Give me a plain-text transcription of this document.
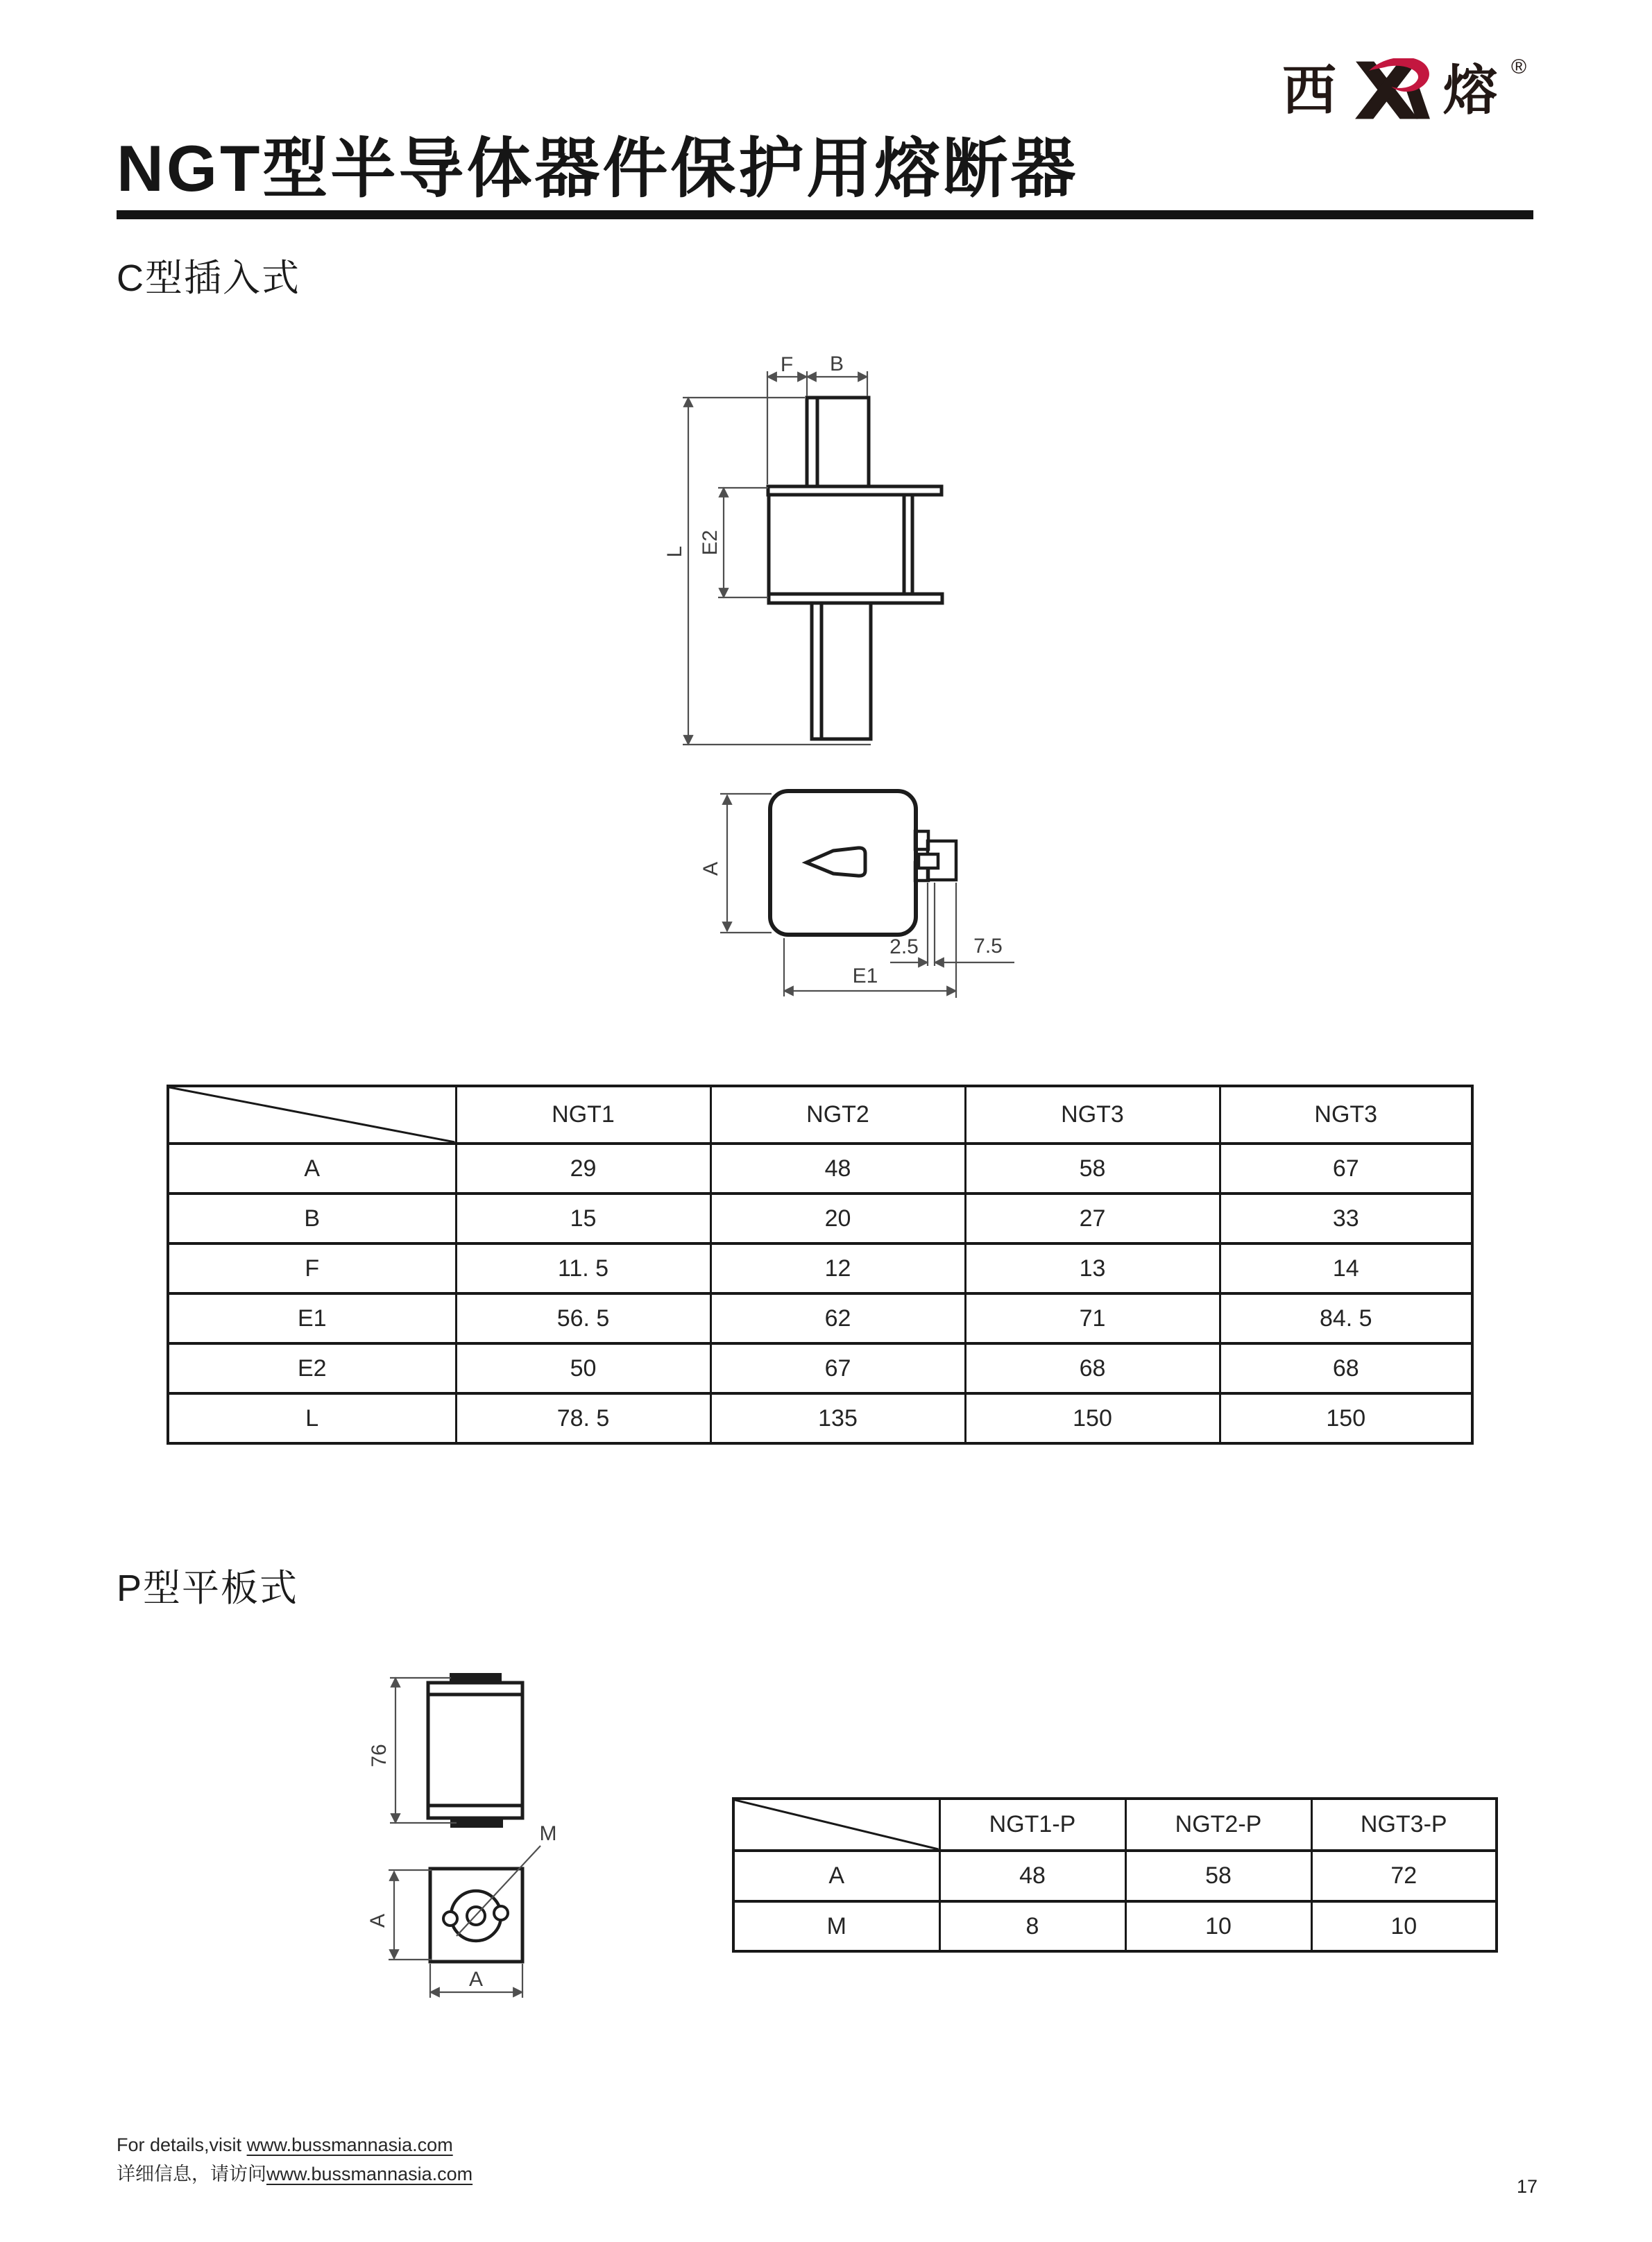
西 熔 ®
NGT型半导体器件保护用熔断器
C型插入式
F B
L E2
A
2.5	7.5
E1
	NGT1	NGT2	NGT3	NGT3
A	29	48	58	67
B	15	20	27	33
F	11. 5	12	13	14
E1	56. 5	62	71	84. 5
E2	50	67	68	68
L	78. 5	135	150	150
P型平板式
76
M
A
A
	NGT1-P	NGT2-P	NGT3-P
A	48	58	72
M	8	10	10
For details,visit www.bussmannasia.com
详细信息，请访问www.bussmannasia.com
17
